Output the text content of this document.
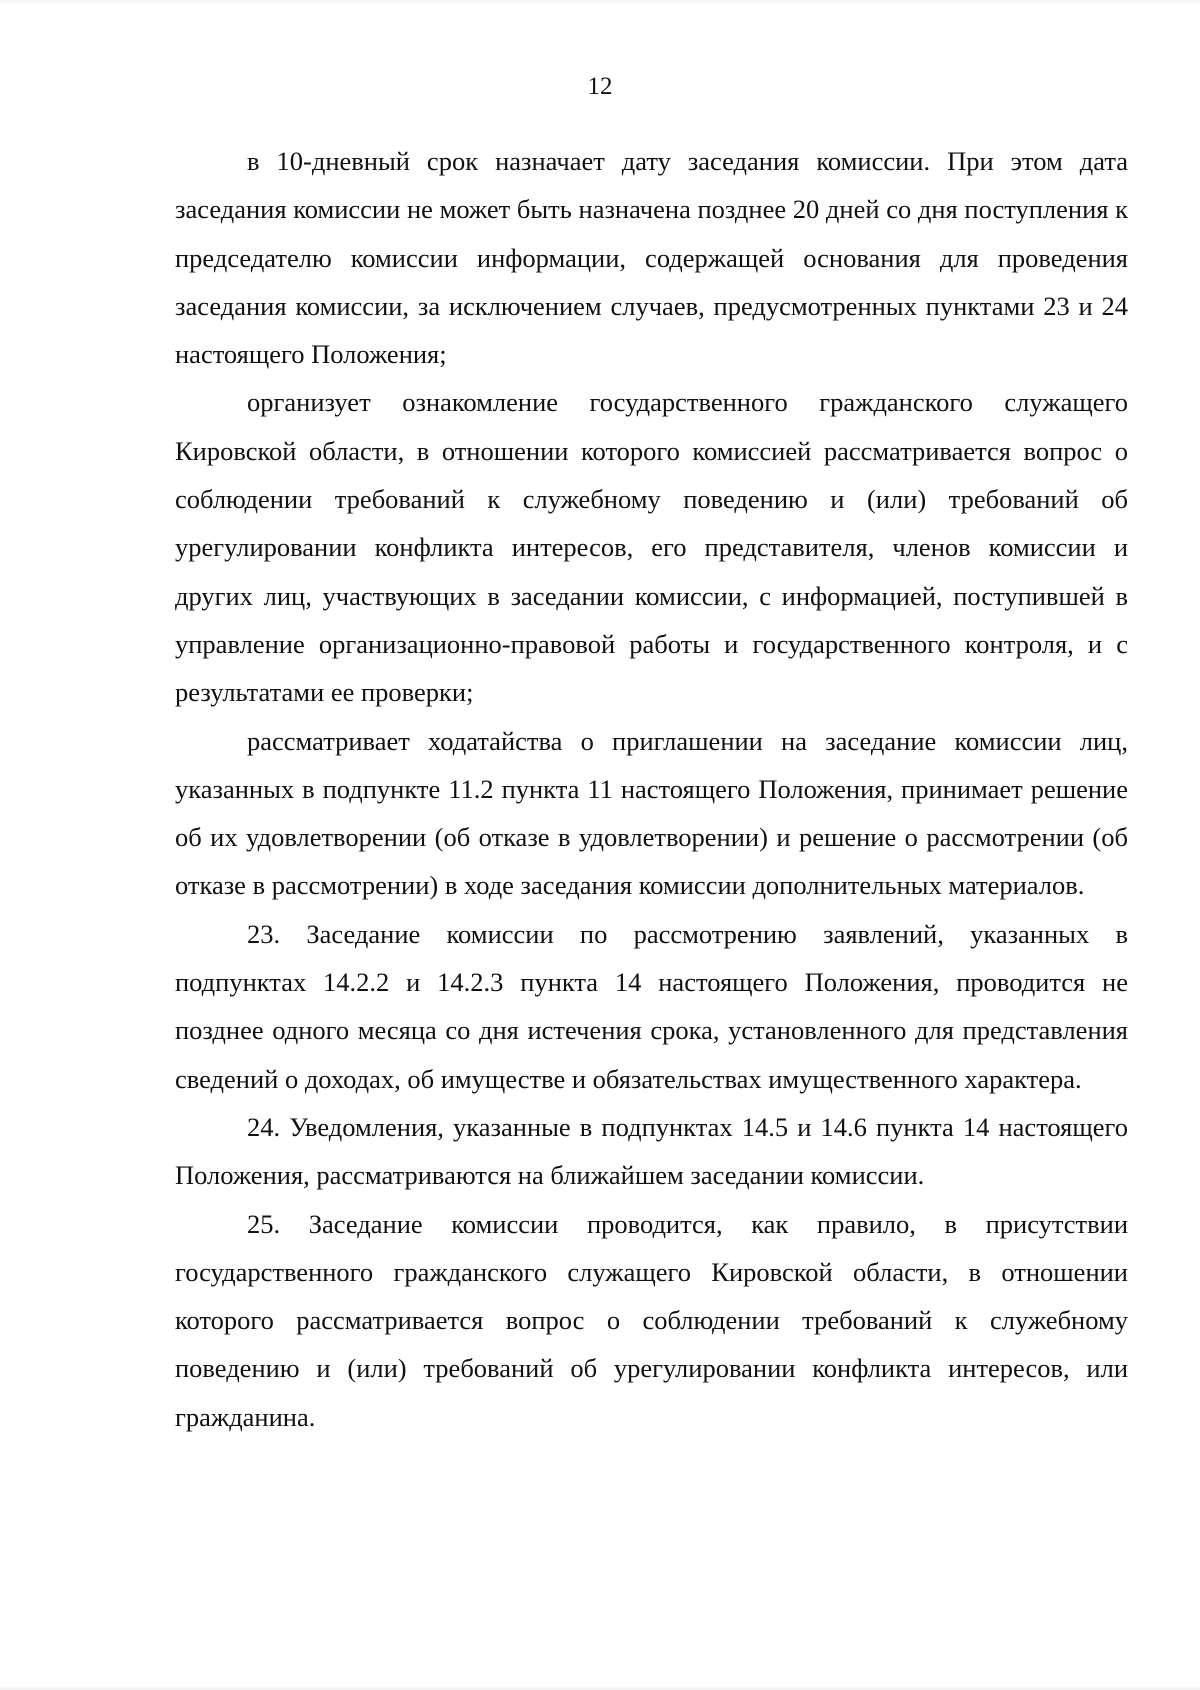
12

в 10-дневный срок назначает дату заседания комиссии. При этом дата заседания комиссии не может быть назначена позднее 20 дней со дня поступления к председателю комиссии информации, содержащей основания для проведения заседания комиссии, за исключением случаев, предусмотренных пунктами 23 и 24 настоящего Положения;

организует ознакомление государственного гражданского служащего Кировской области, в отношении которого комиссией рассматривается вопрос о соблюдении требований к служебному поведению и (или) требований об урегулировании конфликта интересов, его представителя, членов комиссии и других лиц, участвующих в заседании комиссии, с информацией, поступившей в управление организационно-правовой работы и государственного контроля, и с результатами ее проверки;

рассматривает ходатайства о приглашении на заседание комиссии лиц, указанных в подпункте 11.2 пункта 11 настоящего Положения, принимает решение об их удовлетворении (об отказе в удовлетворении) и решение о рассмотрении (об отказе в рассмотрении) в ходе заседания комиссии дополнительных материалов.

23. Заседание комиссии по рассмотрению заявлений, указанных в подпунктах 14.2.2 и 14.2.3 пункта 14 настоящего Положения, проводится не позднее одного месяца со дня истечения срока, установленного для представления сведений о доходах, об имуществе и обязательствах имущественного характера.

24. Уведомления, указанные в подпунктах 14.5 и 14.6 пункта 14 настоящего Положения, рассматриваются на ближайшем заседании комиссии.

25. Заседание комиссии проводится, как правило, в присутствии государственного гражданского служащего Кировской области, в отношении которого рассматривается вопрос о соблюдении требований к служебному поведению и (или) требований об урегулировании конфликта интересов, или гражданина.
